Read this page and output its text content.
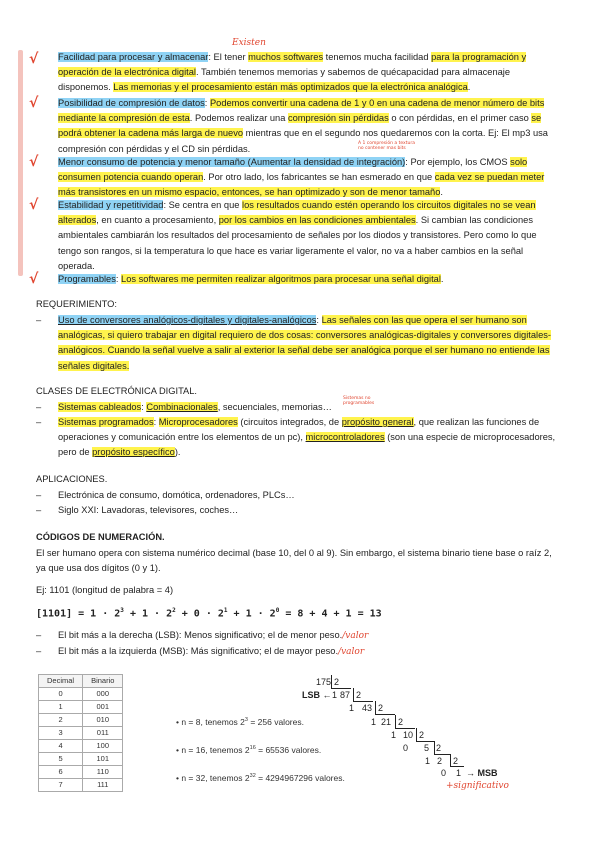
Existen
√
√
√
√
√
Facilidad para procesar y almacenar: El tener muchos softwares tenemos mucha facilidad para la programación y operación de la electrónica digital. También tenemos memorias y sabemos de quécapacidad para almacenaje disponemos. Las memorias y el procesamiento están más optimizados que la electrónica analógica.
Posibilidad de compresión de datos: Podemos convertir una cadena de 1 y 0 en una cadena de menor número de bits mediante la compresión de esta. Podemos realizar una compresión sin pérdidas o con pérdidas, en el primer caso se podrá obtener la cadena más larga de nuevo mientras que en el segundo nos quedaremos con la corta. Ej: El mp3 usa compresión con pérdidas y el CD sin pérdidas.
A 1 compresión a textura no contener mas bits
Menor consumo de potencia y menor tamaño (Aumentar la densidad de integración): Por ejemplo, los CMOS solo consumen potencia cuando operan. Por otro lado, los fabricantes se han esmerado en que cada vez se puedan meter más transistores en un mismo espacio, entonces, se han optimizado y son de menor tamaño.
Estabilidad y repetitividad: Se centra en que los resultados cuando estén operando los circuitos digitales no se vean alterados, en cuanto a procesamiento, por los cambios en las condiciones ambientales. Si cambian las condiciones ambientales cambiarán los resultados del procesamiento de señales por los diodos y transistores. Pero como lo que tengo son rangos, si la temperatura lo que hace es variar ligeramente el valor, no va a haber cambios en la señal operada.
Programables: Los softwares me permiten realizar algoritmos para procesar una señal digital.
REQUERIMIENTO:
– Uso de conversores analógicos-digitales y digitales-analógicos: Las señales con las que opera el ser humano son analógicas, si quiero trabajar en digital requiero de dos cosas: conversores analógicas-digitales y conversores digitales-analógicos. Cuando la señal vuelve a salir al exterior la señal debe ser analógica porque el ser humano no entiende las señales digitales.
CLASES DE ELECTRÓNICA DIGITAL.
– Sistemas cableados: Combinacionales, secuenciales, memorias…
Sistemas no programables
– Sistemas programados: Microprocesadores (circuitos integrados, de propósito general, que realizan las funciones de operaciones y comunicación entre los elementos de un pc), microcontroladores (son una especie de microprocesadores, pero de propósito específico).
APLICACIONES.
– Electrónica de consumo, domótica, ordenadores, PLCs…
– Siglo XXI: Lavadoras, televisores, coches…
CÓDIGOS DE NUMERACIÓN.
El ser humano opera con sistema numérico decimal (base 10, del 0 al 9). Sin embargo, el sistema binario tiene base o raíz 2, ya que usa dos dígitos (0 y 1).
Ej: 1101 (longitud de palabra = 4)
$[1101] = 1 \cdot 2^3 + 1 \cdot 2^2 + 0 \cdot 2^1 + 1 \cdot 2^0 = 8 + 4 + 1 = 13$
– El bit más a la derecha (LSB): Menos significativo; el de menor peso./valor
– El bit más a la izquierda (MSB): Más significativo; el de mayor peso./valor
Decimal	Binario
0	000
1	001
2	010
3	011
4	100
5	101
6	110
7	111
• n = 8, tenemos $2^3 = 256$ valores.
• n = 16, tenemos $2^{16} = 65536$ valores.
• n = 32, tenemos $2^{32} = 4294967296$ valores.
175 2
LSB ← 1 87 2
1 43 2
1 21 2
1 10 2
0 5 2
1 2 2
0 1 → MSB
+significativo
